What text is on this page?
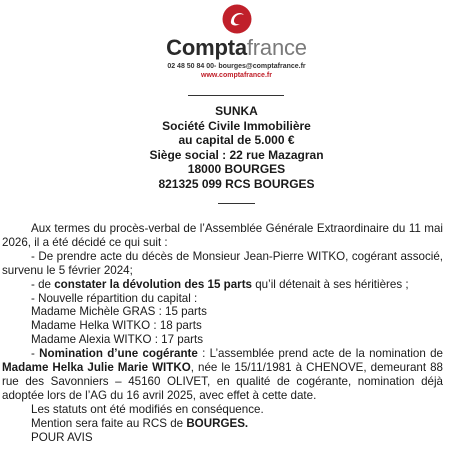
Comptafrance
02 48 50 84 00- bourges@comptafrance.fr
www.comptafrance.fr
SUNKA
Société Civile Immobilière
au capital de 5.000 €
Siège social : 22 rue Mazagran
18000 BOURGES
821325 099 RCS BOURGES

Aux termes du procès-verbal de l’Assemblée Générale Extraordinaire du 11 mai 2026, il a été décidé ce qui suit :

- De prendre acte du décès de Monsieur Jean-Pierre WITKO, cogérant associé, survenu le 5 février 2024;

- de constater la dévolution des 15 parts qu’il détenait à ses héritières ;

- Nouvelle répartition du capital :

Madame Michèle GRAS : 15 parts

Madame Helka WITKO : 18 parts

Madame Alexia WITKO : 17 parts

- Nomination d’une cogérante : L’assemblée prend acte de la nomination de Madame Helka Julie Marie WITKO, née le 15/11/1981 à CHENOVE, demeurant 88 rue des Savonniers – 45160 OLIVET, en qualité de cogérante, nomination déjà adoptée lors de l’AG du 16 avril 2025, avec effet à cette date.

Les statuts ont été modifiés en conséquence.

Mention sera faite au RCS de BOURGES.

POUR AVIS
